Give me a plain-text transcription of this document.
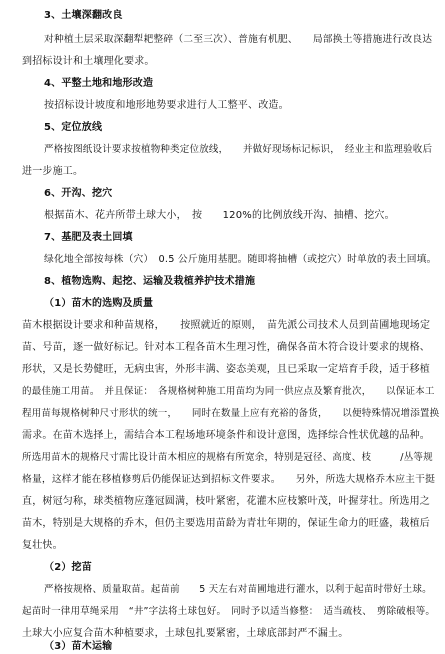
3、土壤深翻改良
对种植土层采取深翻犁耙整碎（二至三次）、普施有机肥、　　局部换土等措施进行改良达
到招标设计和土壤理化要求。
4、平整土地和地形改造
按招标设计坡度和地形地势要求进行人工整平、改造。
5、定位放线
严格按图纸设计要求按植物种类定位放线，　　并做好现场标记标识，　经业主和监理验收后
进一步施工。
6、开沟、挖穴
根据苗木、花卉所带土球大小，　按　　120%的比例放线开沟、抽槽、挖穴。
7、基肥及表土回填
绿化地全部按每株（穴）　0.5 公斤施用基肥。随即将抽槽（或挖穴）时单放的表土回填。
8、植物选购、起挖、运输及栽植养护技术措施
（1）苗木的选购及质量
苗木根据设计要求和种苗规格，　　按照就近的原则，　苗先派公司技术人员到苗圃地现场定
苗、号苗，逐一做好标记。针对本工程各苗木生理习性，确保各苗木符合设计要求的规格、
形状，又是长势健旺，无病虫害，外形丰满、姿态美观，且已采取一定培育手段，适于移植
的最佳施工用苗。　并且保证：　各规格树种施工用苗均为同一供应点及繁育批次，　　以保证本工
程用苗每规格树种尺寸形状的统一，　　同时在数量上应有充裕的备货，　　以便特殊情况增添置换
需求。在苗木选择上，需结合本工程场地环境条件和设计意图，选择综合性状优越的品种。
所选用苗木的规格尺寸需比设计苗木相应的规格有所宽余，特别是冠径、高度、枝　　　/丛等规
格量，这样才能在移植修剪后仍能保证达到招标文件要求。　　另外，所选大规格乔木应主干挺
直，树冠匀称，球类植物应蓬冠圆满，枝叶紧密，花灌木应枝繁叶茂，叶握芽壮。所选用之
苗木，特别是大规格的乔木，但仍主要选用苗龄为青壮年期的，保证生命力的旺盛，栽植后
复壮快。
（2）挖苗
严格按规格、质量取苗。起苗前　　5 天左右对苗圃地进行灌水，以利于起苗时带好土球。
起苗时一律用草绳采用　“井”字法将土球包好。　同时予以适当修整：　适当疏枝、　剪除破根等。
土球大小应复合苗木种植要求，土球包扎要紧密，土球底部封严不漏土。
（3）苗木运输
